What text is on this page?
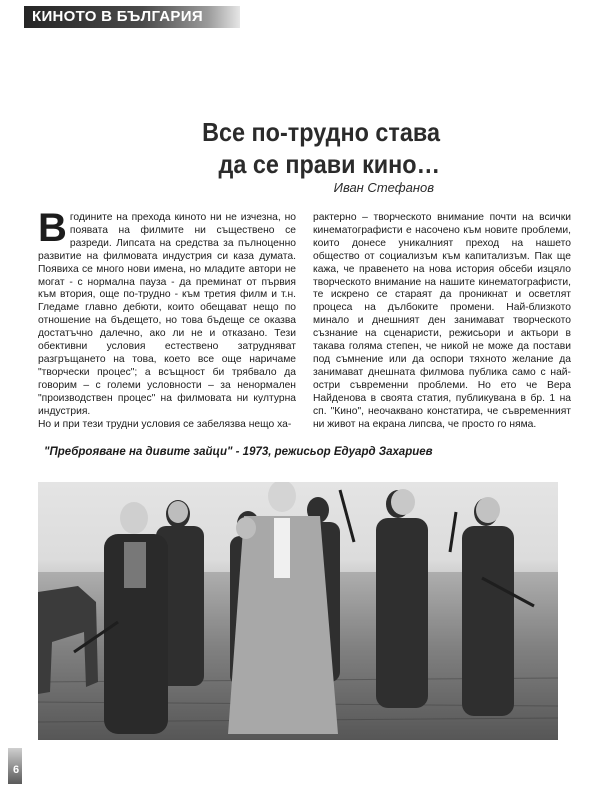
КИНОТО В БЪЛГАРИЯ
Все по-трудно става
да се прави кино…
Иван Стефанов
В годините на прехода киното ни не изчезна, но появата на филмите ни съществено се разреди. Липсата на средства за пълноценно развитие на филмовата индустрия си каза думата. Появиха се много нови имена, но младите автори не могат - с нормална пауза - да преминат от първия към втория, още по-трудно - към третия филм и т.н. Гледаме главно дебюти, които обещават нещо по отношение на бъдещето, но това бъдеще се оказва достатъчно далечно, ако ли не и отказано. Тези обективни условия естествено затрудняват разгръщането на това, което все още наричаме "творчески процес"; а всъщност би трябвало да говорим – с големи условности – за ненормален "производствен процес" на филмовата ни културна индустрия.

Но и при тези трудни условия се забелязва нещо ха-

рактерно – творческото внимание почти на всички кинематографисти е насочено към новите проблеми, които донесе уникалният преход на нашето общество от социализъм към капитализъм. Пак ще кажа, че правенето на нова история обсеби изцяло творческото внимание на нашите кинематографисти, те искрено се стараят да проникнат и осветлят процеса на дълбоките промени. Най-близкото минало и днешният ден занимават творческото съзнание на сценаристи, режисьори и актьори в такава голяма степен, че никой не може да постави под съмнение или да оспори тяхното желание да занимават днешната филмова публика само с най-остри съвременни проблеми. Но ето че Вера Найденова в своята статия, публикувана в бр. 1 на сп. "Кино", неочаквано констатира, че съвременният ни живот на екрана липсва, че просто го няма.

"Преброяване на дивите зайци" - 1973, режисьор Едуард Захариев
6
